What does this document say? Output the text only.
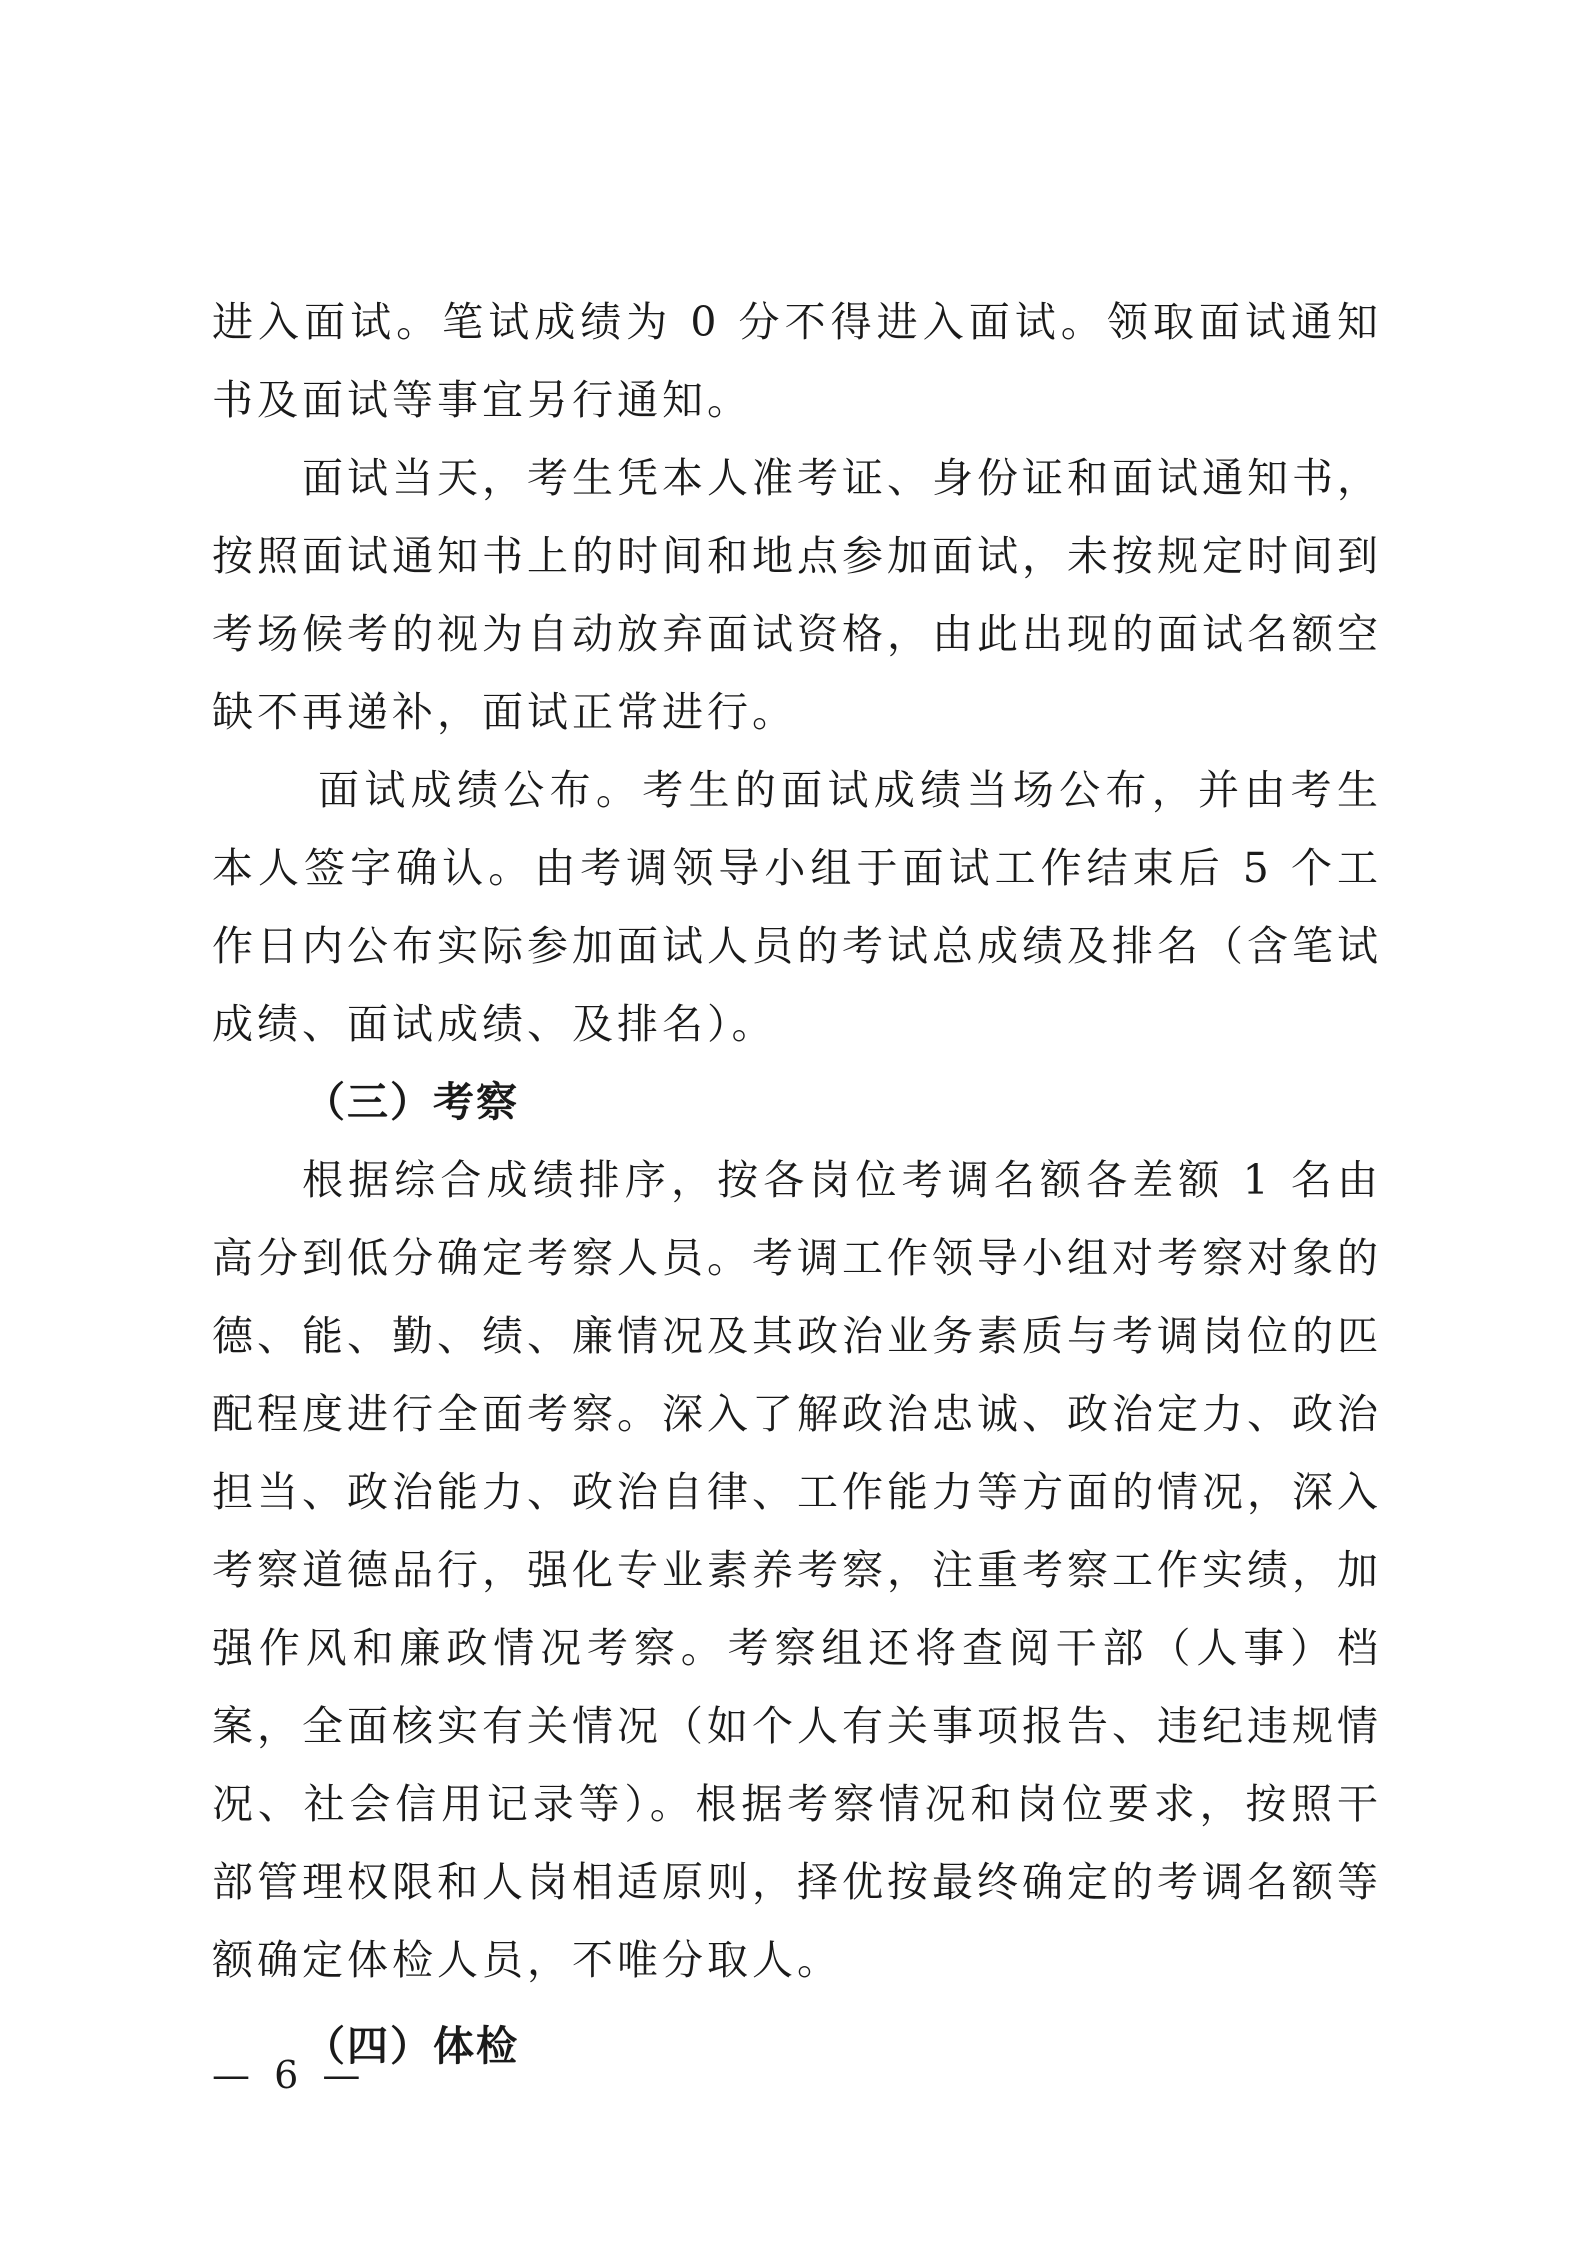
进入面试。笔试成绩为 0 分不得进入面试。领取面试通知书及面试等事宜另行通知。

面试当天，考生凭本人准考证、身份证和面试通知书，按照面试通知书上的时间和地点参加面试，未按规定时间到考场候考的视为自动放弃面试资格，由此出现的面试名额空缺不再递补，面试正常进行。

面试成绩公布。考生的面试成绩当场公布，并由考生本人签字确认。由考调领导小组于面试工作结束后 5 个工作日内公布实际参加面试人员的考试总成绩及排名（含笔试成绩、面试成绩、及排名）。

（三）考察

根据综合成绩排序，按各岗位考调名额各差额 1 名由高分到低分确定考察人员。考调工作领导小组对考察对象的德、能、勤、绩、廉情况及其政治业务素质与考调岗位的匹配程度进行全面考察。深入了解政治忠诚、政治定力、政治担当、政治能力、政治自律、工作能力等方面的情况，深入考察道德品行，强化专业素养考察，注重考察工作实绩，加强作风和廉政情况考察。考察组还将查阅干部（人事）档案，全面核实有关情况（如个人有关事项报告、违纪违规情况、社会信用记录等）。根据考察情况和岗位要求，按照干部管理权限和人岗相适原则，择优按最终确定的考调名额等额确定体检人员，不唯分取人。

（四）体检

— 6 —
